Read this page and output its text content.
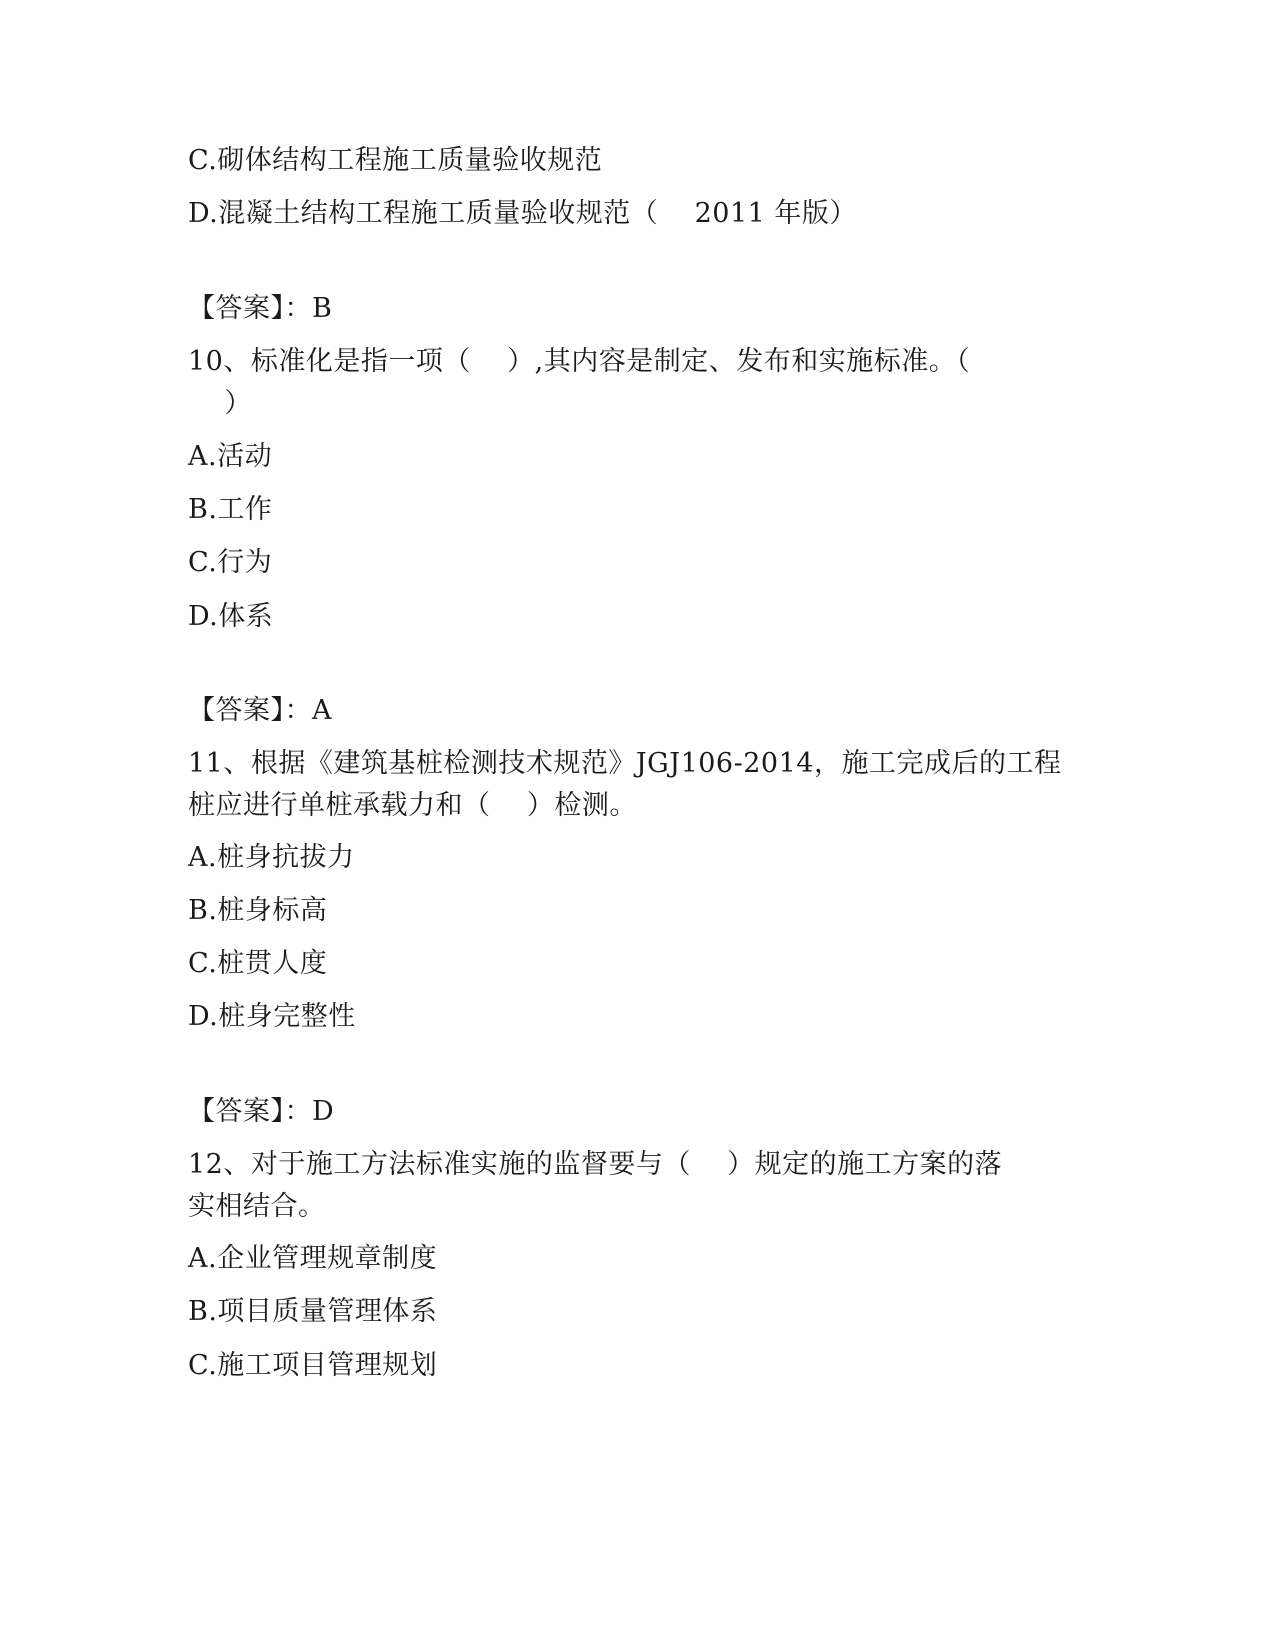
C.砌体结构工程施工质量验收规范
D.混凝土结构工程施工质量验收规范（    2011 年版）
【答案】：B
10、标准化是指一项（    ）,其内容是制定、发布和实施标准。（
）
A.活动
B.工作
C.行为
D.体系
【答案】：A
11、根据《建筑基桩检测技术规范》JGJ106-2014，施工完成后的工程
桩应进行单桩承载力和（    ）检测。
A.桩身抗拔力
B.桩身标高
C.桩贯人度
D.桩身完整性
【答案】：D
12、对于施工方法标准实施的监督要与（    ）规定的施工方案的落
实相结合。
A.企业管理规章制度
B.项目质量管理体系
C.施工项目管理规划
